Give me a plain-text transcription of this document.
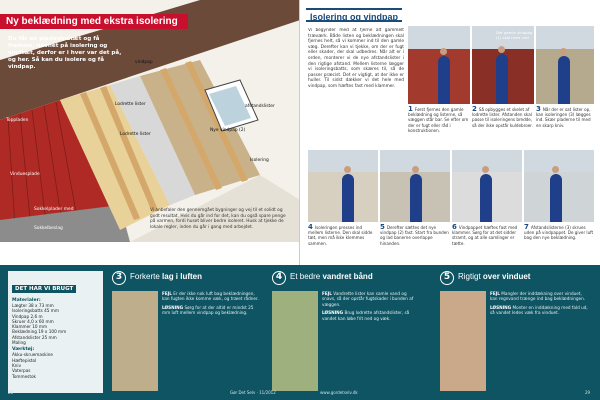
Ny beklædning med ekstra isolering
Du får en pladevindtæt og få fremme, navnet på isolering og vindtæt, derfor er i hver var det på, og her. Så kan du isolere og få vindpap.
vindpap
afstandslister
Lodrette lister
Nye vindpap (2)
Lodrette lister
Isolering
Toppladen
Vinduesplade
Sokkelplader med
Sokkelbeslag
Vi anbefaler den gennemgået bygninger og vej til et solidt og godt resultat. Hvis du går ind for det, kan du også spare penge på varmen, fordi huset bliver bedre isoleret. Husk at tjekke de lokale regler, inden du går i gang med arbejdet.
Isolering og vindpap
Vi begynder med at fjerne alt gammelt træværk. Både listen og beklædningen skal fjernes helt, så vi kommer ind til den gamle væg. Derefter kan vi tjekke, om der er fugt eller skader, der skal udbedres. Når alt er i orden, monterer vi de nye afstandslister i den rigtige afstand. Mellem listerne lægger vi isoleringsbatts, som skæres til, så de passer præcist. Det er vigtigt, at der ikke er huller. Til sidst dækker vi det hele med vindpap, som hæftes fast med klammer.
Det gamle vindpap (1) skal rives ned
1 Først fjernes den gamle beklædning og listerne, så væggen står bar. Se efter om der er fugt eller råd i konstruktionen.
2 Så opbygges et skelet af lodrette lister. Afstanden skal passe til isoleringens bredde, så der ikke opstår kuldebroer.
3 Når der er sat lister op, kan isoleringen (3) lægges ind. Skær pladerne til med en skarp kniv.
4 Isoleringen presses ind mellem listerne. Den skal sidde tæt, men må ikke klemmes sammen.
5 Derefter sættes det nye vindpap (2) fast. Start fra bunden og lad banerne overlappe hinanden.
6 Vindpappet hæftes fast med klammer. Sørg for at det sidder stramt, og at alle samlinger er tætte.
7 Afstandslisterne (3) skrues uden på vindpappet. De giver luft bag den nye beklædning.
DET HAR VI BRUGT
Materialer:
Lægter 38 x 73 mm
Isoleringsbatts 45 mm
Vindpap 2,6 m
Skruer 4,0 x 60 mm
Klammer 10 mm
Beklædning 19 x 100 mm
Afstandslister 25 mm
Maling
Værktøj:
Akku-skruemaskine
Hæftepistol
Kniv
Vaterpas
Tommestok
3 Forkerte lag i luften

FEJL Er der ikke nok luft bag beklædningen, kan fugten ikke komme væk, og træet rådner.

LØSNING Sørg for at der altid er mindst 25 mm luft mellem vindpap og beklædning.

4 Et bedre vandret bånd

FEJL Vandrette lister kan samle vand og snavs, så der opstår fugtskader i bunden af væggen.

LØSNING Brug lodrette afstandslister, så vandet kan løbe frit ned og væk.

5 Rigtigt over vinduet

FEJL Mangler der inddækning over vinduet, kan regnvand trænge ind bag beklædningen.

LØSNING Monter en inddækning med fald ud, så vandet ledes væk fra vinduet.

28	Gør Det Selv · 11/2012	www.gordetselv.dk	29
